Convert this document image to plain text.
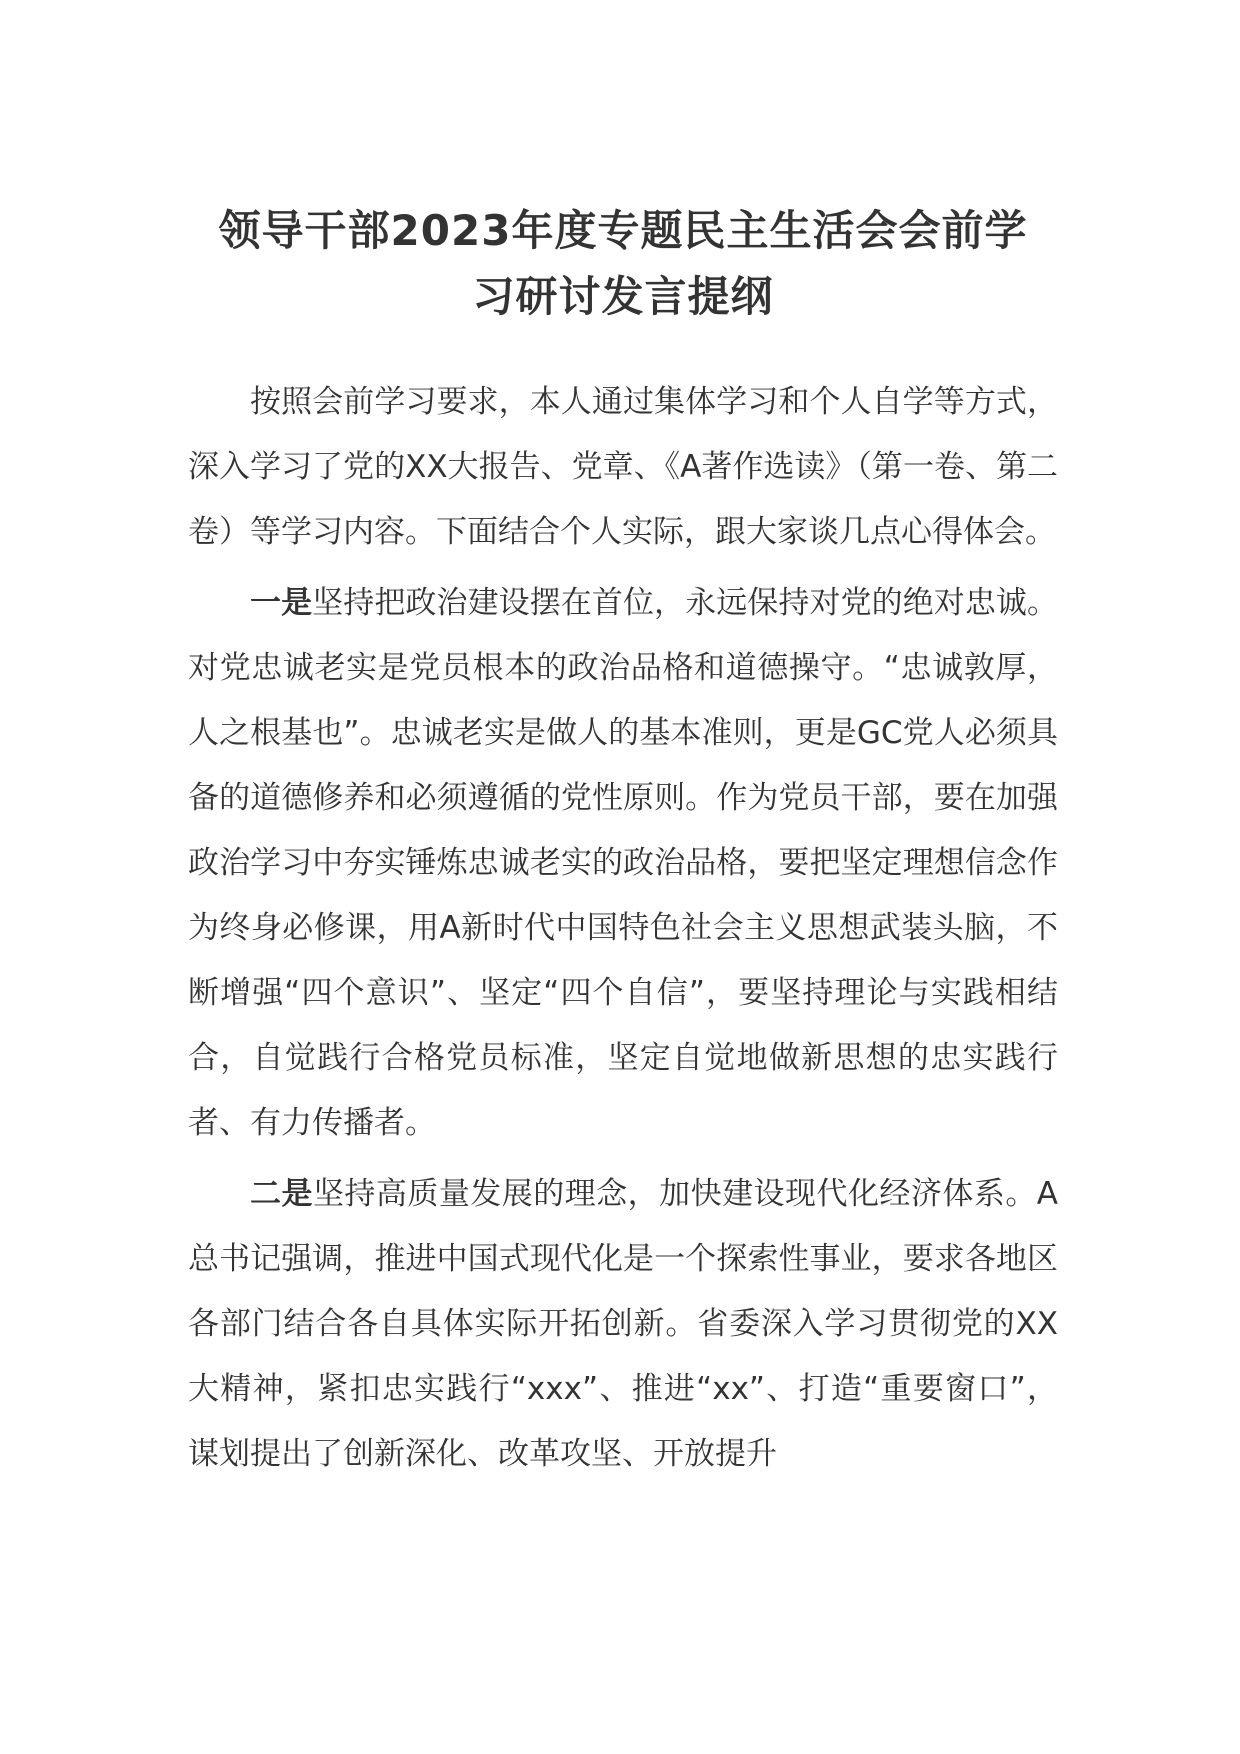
领导干部2023年度专题民主生活会会前学
习研讨发言提纲

按照会前学习要求，本人通过集体学习和个人自学等方式，深入学习了党的XX大报告、党章、《A著作选读》（第一卷、第二卷）等学习内容。下面结合个人实际，跟大家谈几点心得体会。

一是坚持把政治建设摆在首位，永远保持对党的绝对忠诚。对党忠诚老实是党员根本的政治品格和道德操守。“忠诚敦厚，人之根基也”。忠诚老实是做人的基本准则，更是GC党人必须具备的道德修养和必须遵循的党性原则。作为党员干部，要在加强政治学习中夯实锤炼忠诚老实的政治品格，要把坚定理想信念作为终身必修课，用A新时代中国特色社会主义思想武装头脑，不断增强“四个意识”、坚定“四个自信”，要坚持理论与实践相结合，自觉践行合格党员标准，坚定自觉地做新思想的忠实践行者、有力传播者。

二是坚持高质量发展的理念，加快建设现代化经济体系。A总书记强调，推进中国式现代化是一个探索性事业，要求各地区各部门结合各自具体实际开拓创新。省委深入学习贯彻党的XX大精神，紧扣忠实践行“xxx”、推进“xx”、打造“重要窗口”，谋划提出了创新深化、改革攻坚、开放提升
